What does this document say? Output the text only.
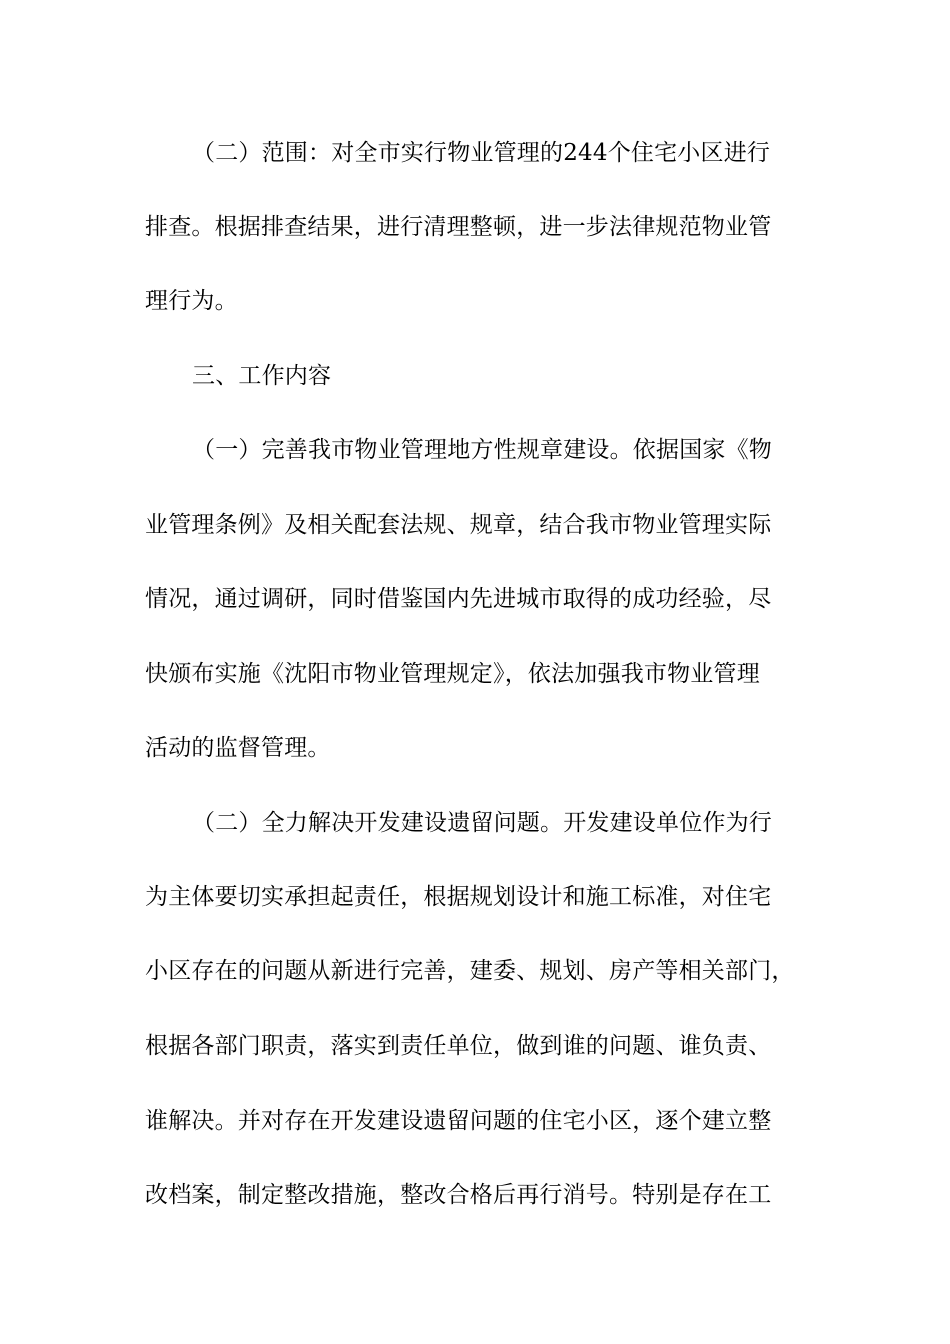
（二）范围：对全市实行物业管理的244个住宅小区进行
排查。根据排查结果，进行清理整顿，进一步法律规范物业管
理行为。
三、工作内容
（一）完善我市物业管理地方性规章建设。依据国家《物
业管理条例》及相关配套法规、规章，结合我市物业管理实际
情况，通过调研，同时借鉴国内先进城市取得的成功经验，尽
快颁布实施《沈阳市物业管理规定》，依法加强我市物业管理
活动的监督管理。
（二）全力解决开发建设遗留问题。开发建设单位作为行
为主体要切实承担起责任，根据规划设计和施工标准，对住宅
小区存在的问题从新进行完善，建委、规划、房产等相关部门，
根据各部门职责，落实到责任单位，做到谁的问题、谁负责、
谁解决。并对存在开发建设遗留问题的住宅小区，逐个建立整
改档案，制定整改措施，整改合格后再行消号。特别是存在工
